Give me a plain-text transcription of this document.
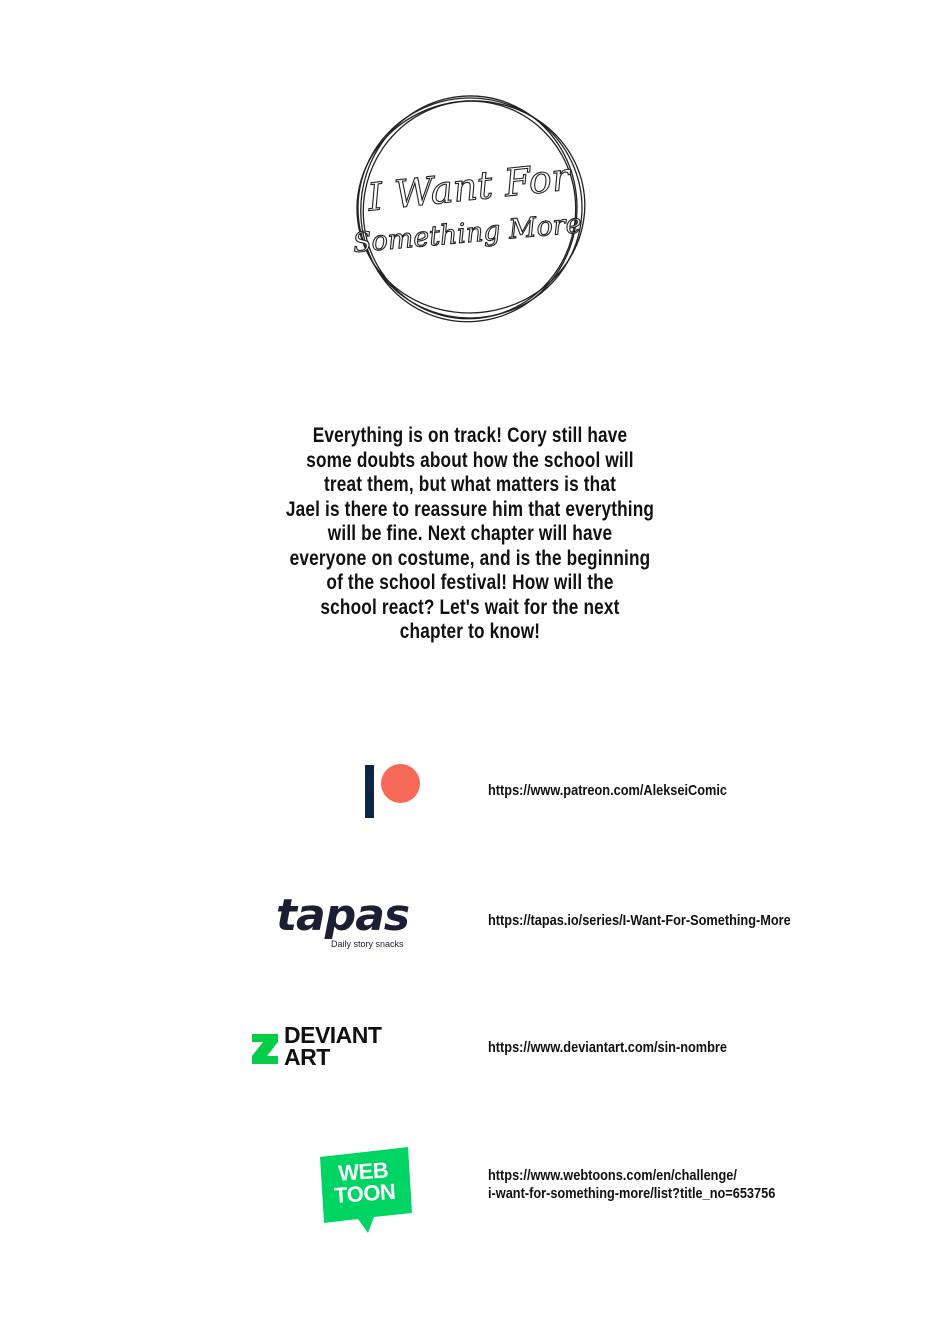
I Want For
Something More
Everything is on track! Cory still have
some doubts about how the school will
treat them, but what matters is that
Jael is there to reassure him that everything
will be fine. Next chapter will have
everyone on costume, and is the beginning
of the school festival! How will the
school react? Let's wait for the next
chapter to know!
https://www.patreon.com/AlekseiComic
tapas
Daily story snacks
https://tapas.io/series/I-Want-For-Something-More
DEVIANT
ART	https://www.deviantart.com/sin-nombre
WEB
TOON
https://www.webtoons.com/en/challenge/
i-want-for-something-more/list?title_no=653756
